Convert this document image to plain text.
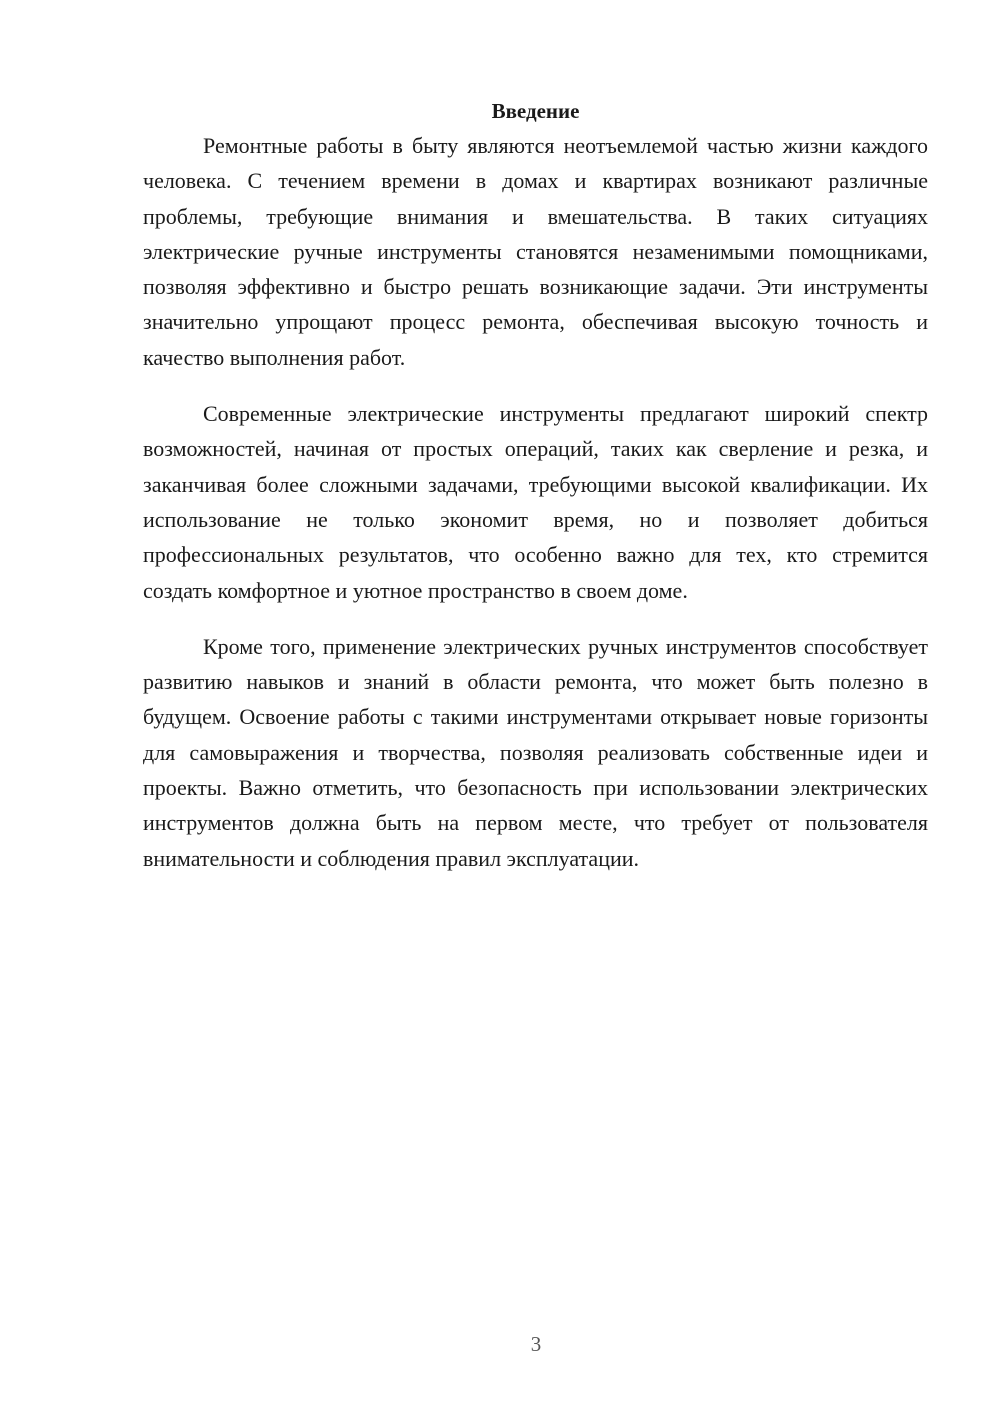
Введение

Ремонтные работы в быту являются неотъемлемой частью жизни каждого человека. С течением времени в домах и квартирах возникают различные проблемы, требующие внимания и вмешательства. В таких ситуациях электрические ручные инструменты становятся незаменимыми помощниками, позволяя эффективно и быстро решать возникающие задачи. Эти инструменты значительно упрощают процесс ремонта, обеспечивая высокую точность и качество выполнения работ.

Современные электрические инструменты предлагают широкий спектр возможностей, начиная от простых операций, таких как сверление и резка, и заканчивая более сложными задачами, требующими высокой квалификации. Их использование не только экономит время, но и позволяет добиться профессиональных результатов, что особенно важно для тех, кто стремится создать комфортное и уютное пространство в своем доме.

Кроме того, применение электрических ручных инструментов способствует развитию навыков и знаний в области ремонта, что может быть полезно в будущем. Освоение работы с такими инструментами открывает новые горизонты для самовыражения и творчества, позволяя реализовать собственные идеи и проекты. Важно отметить, что безопасность при использовании электрических инструментов должна быть на первом месте, что требует от пользователя внимательности и соблюдения правил эксплуатации.

3
